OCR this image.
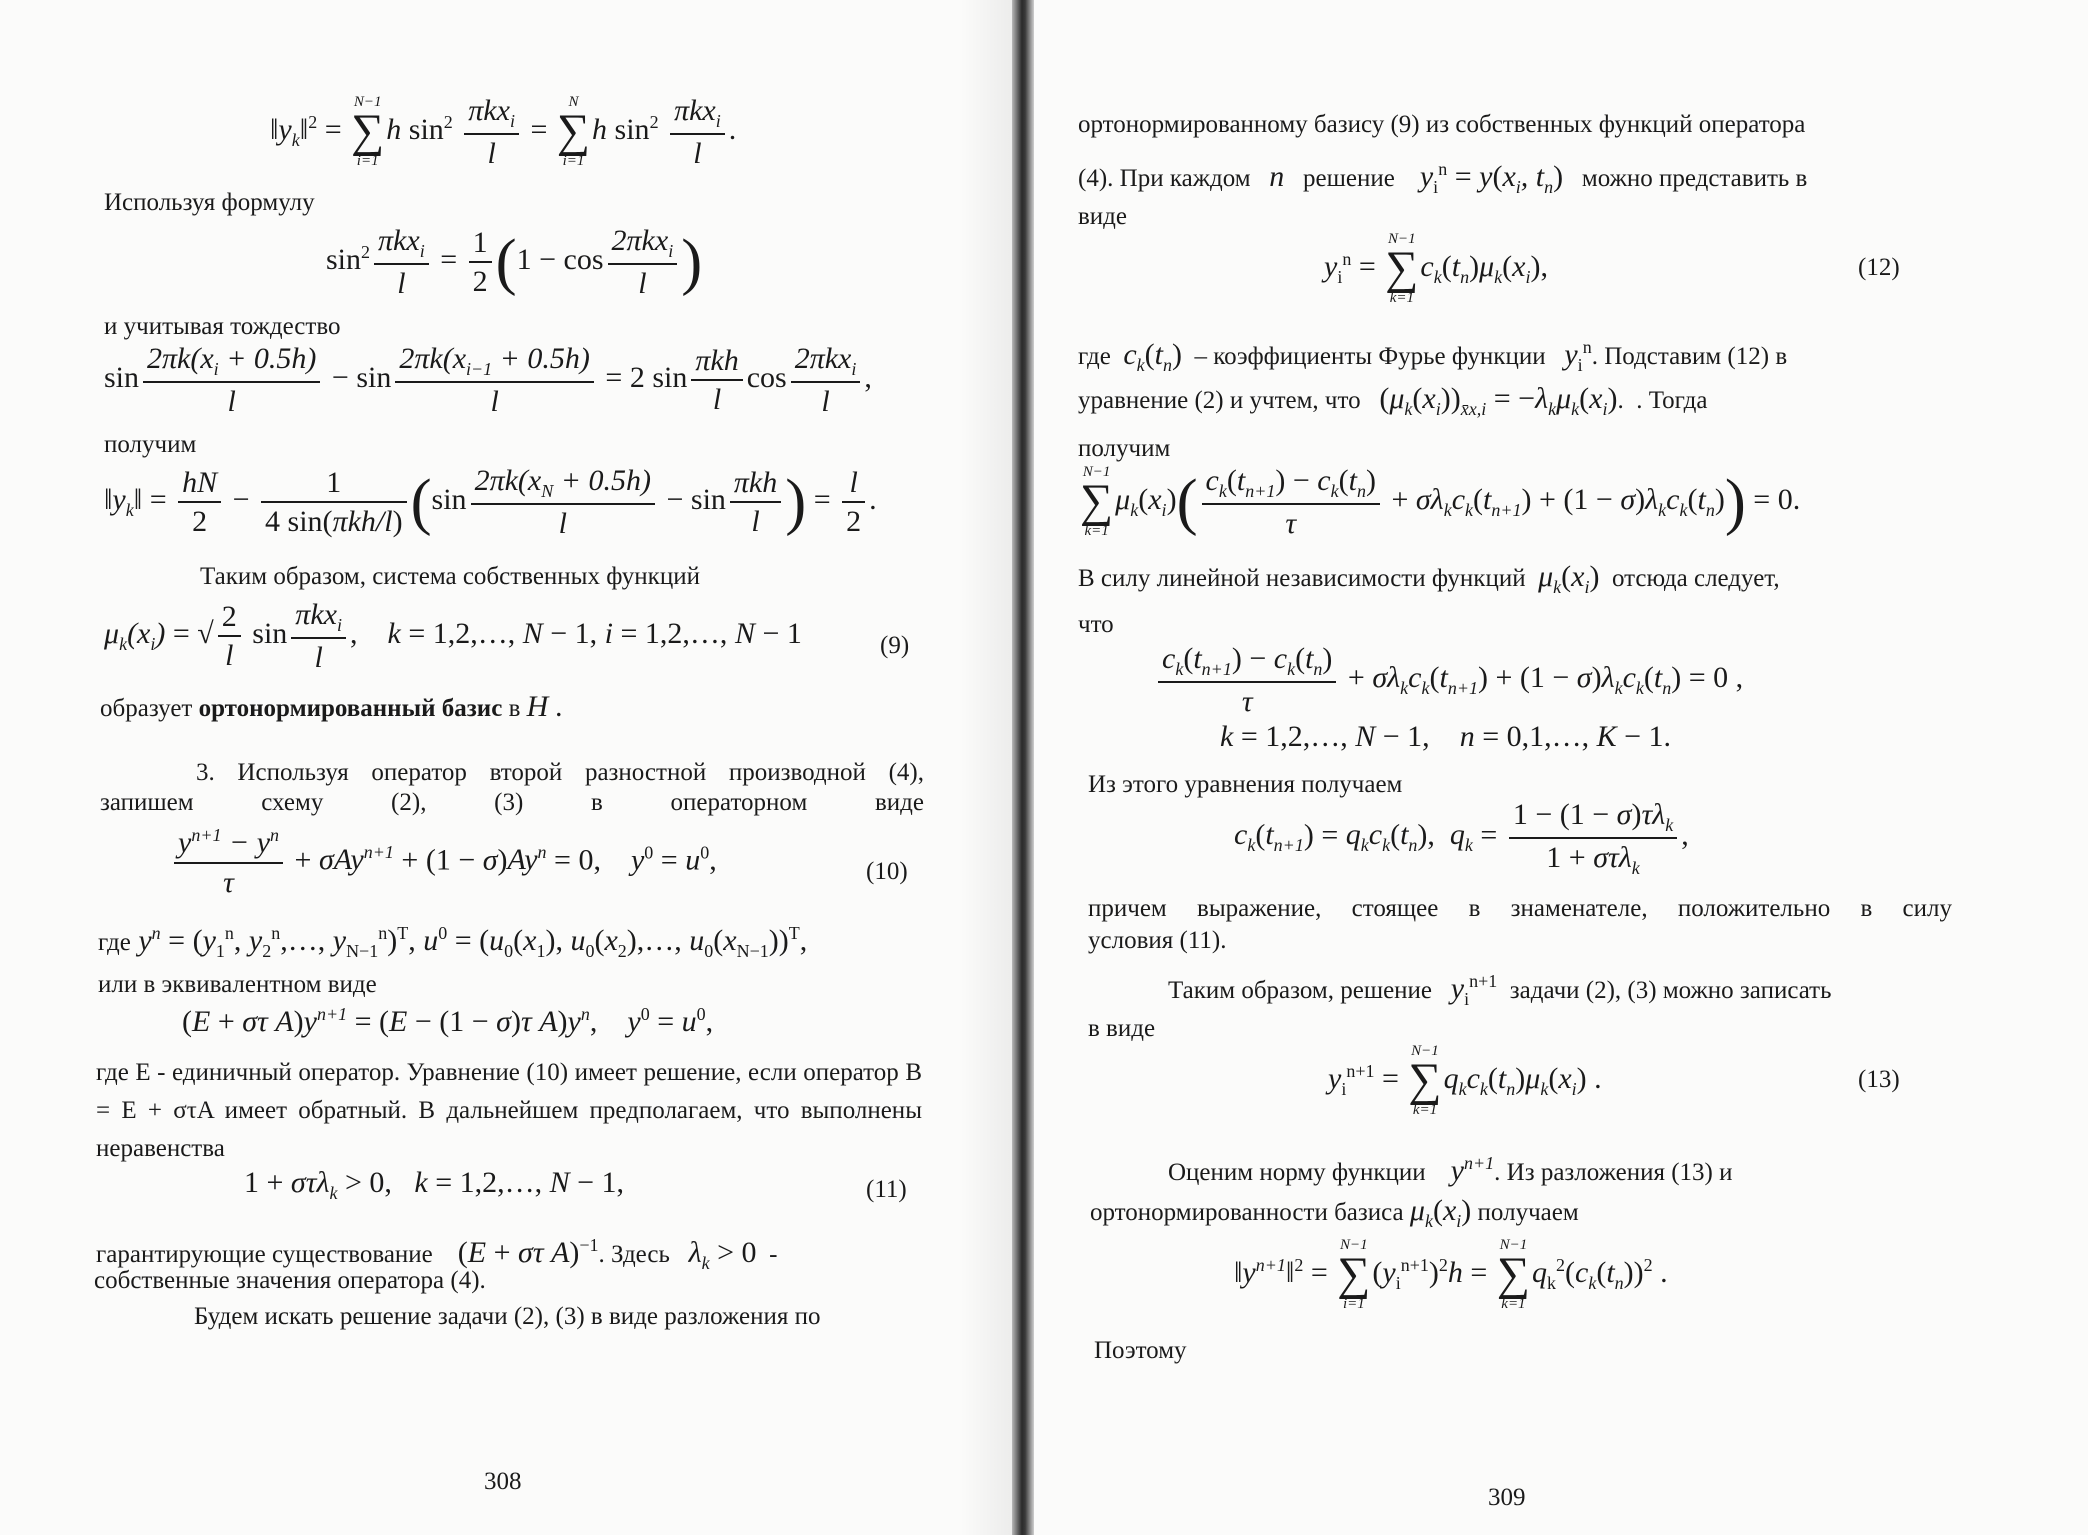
$‖y_k‖^2$ =
N−1
∑
i=1
h $\sin^2 \frac{\pi kx_i}{l}$ =
N
∑
i=1
h $\sin^2 \frac{\pi kx_i}{l}$ .
Используя формулу
$\sin^2 \frac{\pi kx_i}{l} = \frac{1}{2} (1 - \cos \frac{2\pi kx_i}{l}$ )
и учитывая тождество
$\sin \frac{2\pi k(x_i + 0.5h)}{l} - \sin \frac{2\pi k(x_{i-1} + 0.5h)}{l} = 2$ $\sin \frac{\text{πkh}}{l}$ $\cos \frac{2\pi kx_i}{l}$ ,
получим
$‖y_k‖ = \frac{hN}{2} - \frac{1}{\text{4 sin(πkh/l)}} (\sin \frac{2\pi k(x_N + 0.5h)}{l} - \sin \frac{\text{πkh}}{l}$ ) = $\frac{l}{2}$ .
Таким образом, система собственных функций
$\mu_k(x_i)$ = √ $\frac{2}{l}$ $\sin \frac{\pi kx_i}{l}$ ,    k = 1,2,…, N − 1, i = 1,2,…, N − 1	(9)
образует ортонормированный базис в H .
3. Используя оператор второй разностной производной (4), запишем схему (2), (3) в операторном виде
$\frac{y^{n+1} - y^n}{\tau} + \sigma Ay^{n+1} + (1 - \sigma)Ay^n = 0$,    $y^0 = u^0$,	(10)
где $y^n = (y_1^n$, $y_2^n,\dots$, $y_{N-1}^n)^T$, $u^0 = (u_0(x_1)$, $u_0(x_2),\dots$, $u_0(x_{N-1}))^T$,
или в эквивалентном виде
(E + στ $A)y^{n+1} = (E - (1 - \sigma)\tau$ $A)y^n$,    $y^0 = u^0$,
где E - единичный оператор. Уравнение (10) имеет решение, если оператор B = E + στA имеет обратный. В дальнейшем предполагаем, что выполнены неравенства
1 + στλ$_k$ > 0,   k = 1,2,…, N − 1,	(11)
гарантирующие существование (E + στ A)$^{-1}$. Здесь $\lambda_k > 0$ -
собственные значения оператора (4).
Будем искать решение задачи (2), (3) в виде разложения по
308
ортонормированному базису (9) из собственных функций оператора
(4). При каждом n решение $y_i^n = y(x_i$, $t_n$) можно представить в
виде
$y_i^n$ =
N−1
∑
k=1
$c_k(t_n)\mu_k(x_i)$,	(12)
где $c_k(t_n)$ – коэффициенты Фурье функции $y_i^n$. Подставим (12) в
уравнение (2) и учтем, что $(\mu_k(x_i))_{x̄x,i} = -\lambda_k\mu_k(x_i)$.  . Тогда
получим
N−1
∑
k=1
$\mu_k(x_i)( \frac{c_k(t_{n+1}) - c_k(t_n)}{\tau} + \sigma\lambda_kc_k(t_{n+1}) + (1 - \sigma)\lambda_kc_k(t_n)) = 0$.
В силу линейной независимости функций $\mu_k(x_i)$ отсюда следует,
что
$\frac{c_k(t_{n+1}) - c_k(t_n)}{\tau} + \sigma\lambda_kc_k(t_{n+1}) + (1 - \sigma)\lambda_kc_k(t_n) = 0$ ,
k = 1,2,…, N − 1,    n = 0,1,…, K − 1.
Из этого уравнения получаем
$c_k(t_{n+1}) = q_kc_k(t_n)$,  $q_k = \frac{1 - (1 - \sigma)\tau\lambda_k}{1 + \sigma\tau\lambda_k}$ ,
причем выражение, стоящее в знаменателе, положительно в силу
условия (11).
Таким образом, решение $y_i^{n+1}$ задачи (2), (3) можно записать
в виде
$y_i^{n+1}$ =
N−1
∑
k=1
$q_kc_k(t_n)\mu_k(x_i)$ .	(13)
Оценим норму функции $y^{n+1}$. Из разложения (13) и
ортонормированности базиса $\mu_k(x_i)$ получаем
$‖y^{n+1}‖^2$ =
N−1
∑
i=1
$(y_i^{n+1})^2h$ =
N−1
∑
k=1
$q_k^2(c_k(t_n))^2$ .
Поэтому
309
